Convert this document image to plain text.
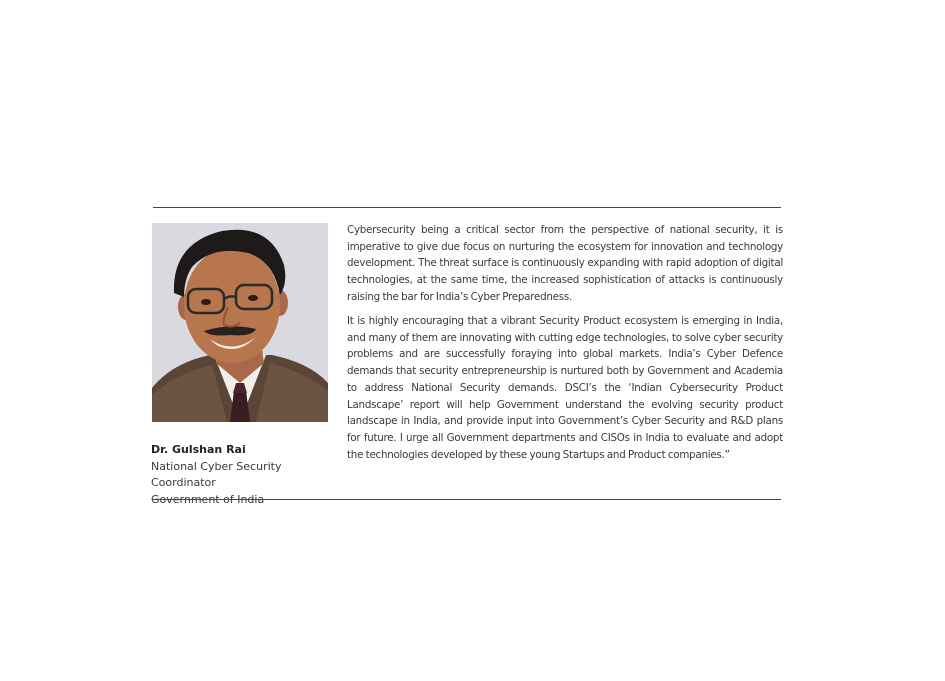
Dr. Gulshan Rai
National Cyber Security Coordinator
Government of India

Cybersecurity being a critical sector from the perspective of national security, it is imperative to give due focus on nurturing the ecosystem for innovation and technology development. The threat surface is continuously expanding with rapid adoption of digital technologies, at the same time, the increased sophistication of attacks is continuously raising the bar for India’s Cyber Preparedness.

It is highly encouraging that a vibrant Security Product ecosystem is emerging in India, and many of them are innovating with cutting edge technologies, to solve cyber security problems and are successfully foraying into global markets. India’s Cyber Defence demands that security entrepreneurship is nurtured both by Government and Academia to address National Security demands. DSCI’s the ‘Indian Cybersecurity Product Landscape’ report will help Government understand the evolving security product landscape in India, and provide input into Government’s Cyber Security and R&D plans for future. I urge all Government departments and CISOs in India to evaluate and adopt the technologies developed by these young Startups and Product companies.”
